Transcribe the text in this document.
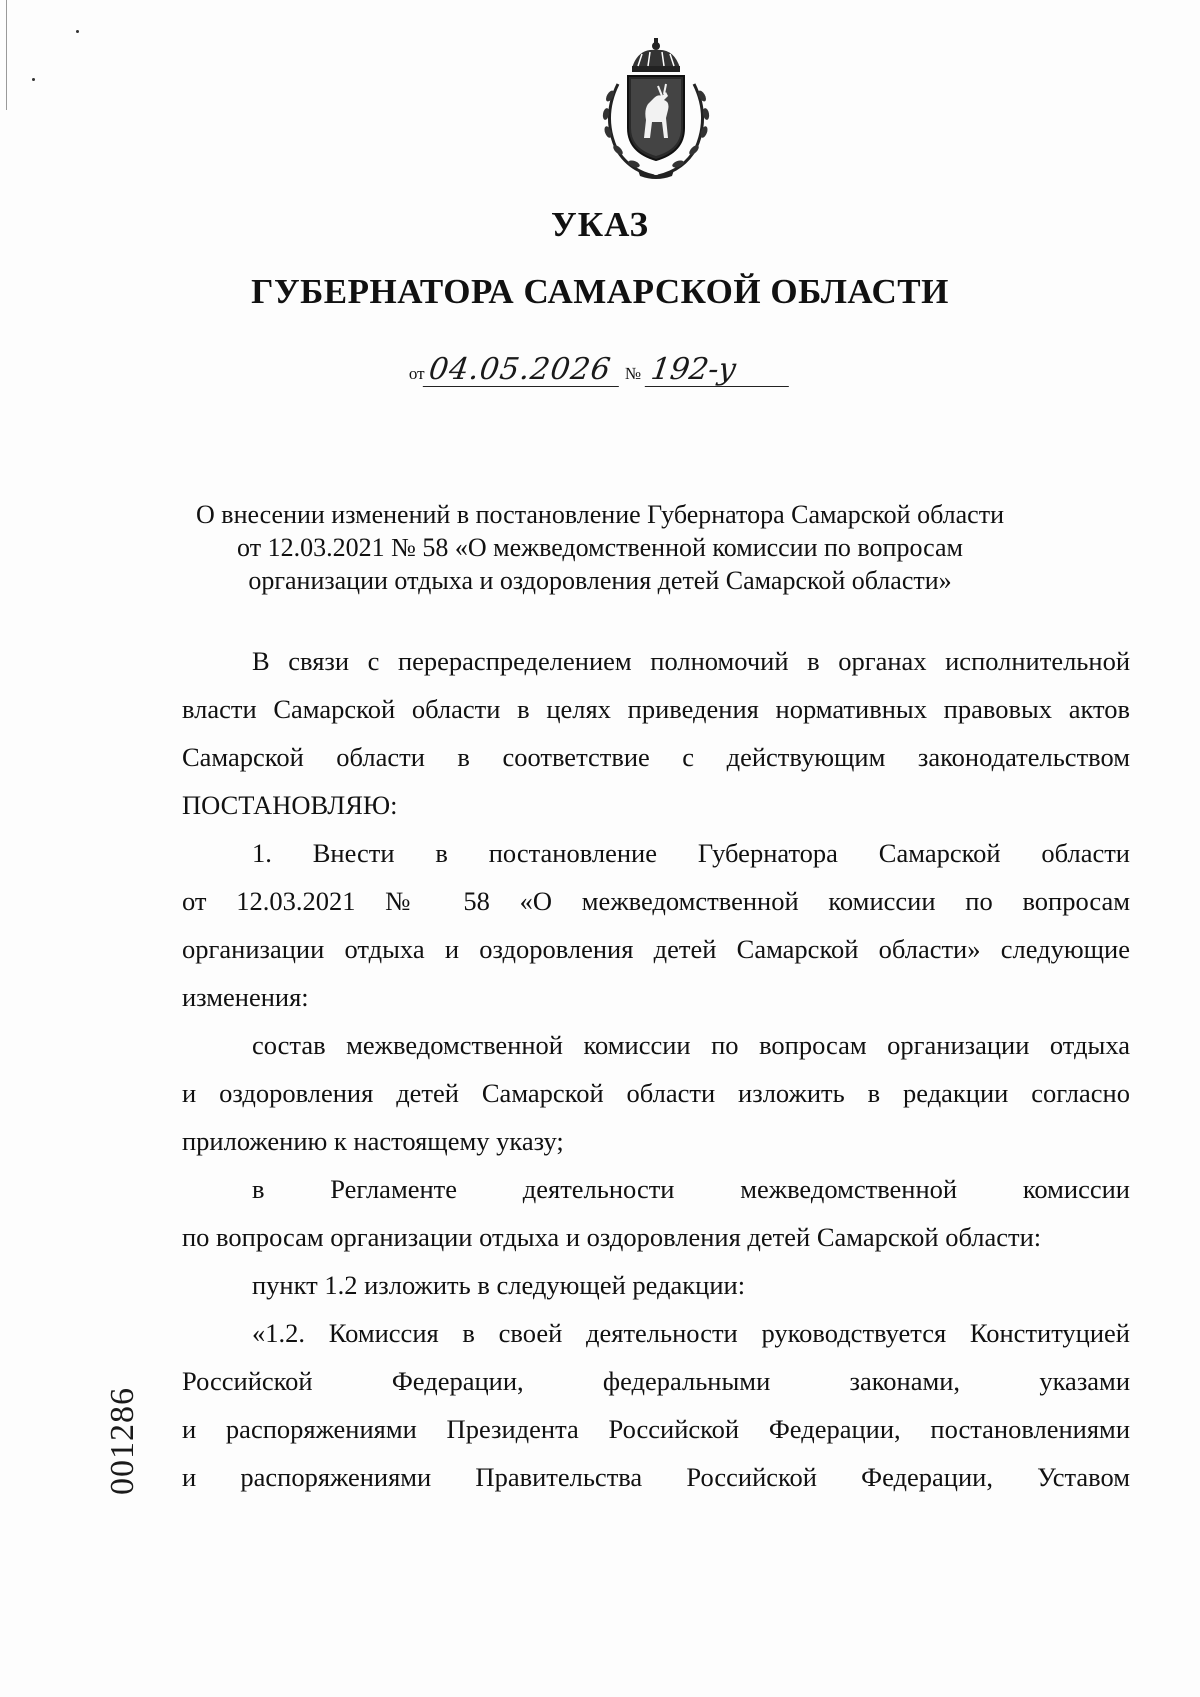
УКАЗ
ГУБЕРНАТОРА САМАРСКОЙ ОБЛАСТИ
от04.05.2026 № 192-у
О внесении изменений в постановление Губернатора Самарской области
от 12.03.2021 № 58 «О межведомственной комиссии по вопросам
организации отдыха и оздоровления детей Самарской области»
В связи с перераспределением полномочий в органах исполнительной
власти Самарской области в целях приведения нормативных правовых актов
Самарской области в соответствие с действующим законодательством
ПОСТАНОВЛЯЮ:
1. Внести в постановление Губернатора Самарской области
от 12.03.2021 № 58 «О межведомственной комиссии по вопросам
организации отдыха и оздоровления детей Самарской области» следующие
изменения:
состав межведомственной комиссии по вопросам организации отдыха
и оздоровления детей Самарской области изложить в редакции согласно
приложению к настоящему указу;
в Регламенте деятельности межведомственной комиссии
по вопросам организации отдыха и оздоровления детей Самарской области:
пункт 1.2 изложить в следующей редакции:
«1.2. Комиссия в своей деятельности руководствуется Конституцией
Российской Федерации, федеральными законами, указами
и распоряжениями Президента Российской Федерации, постановлениями
и распоряжениями Правительства Российской Федерации, Уставом
001286
